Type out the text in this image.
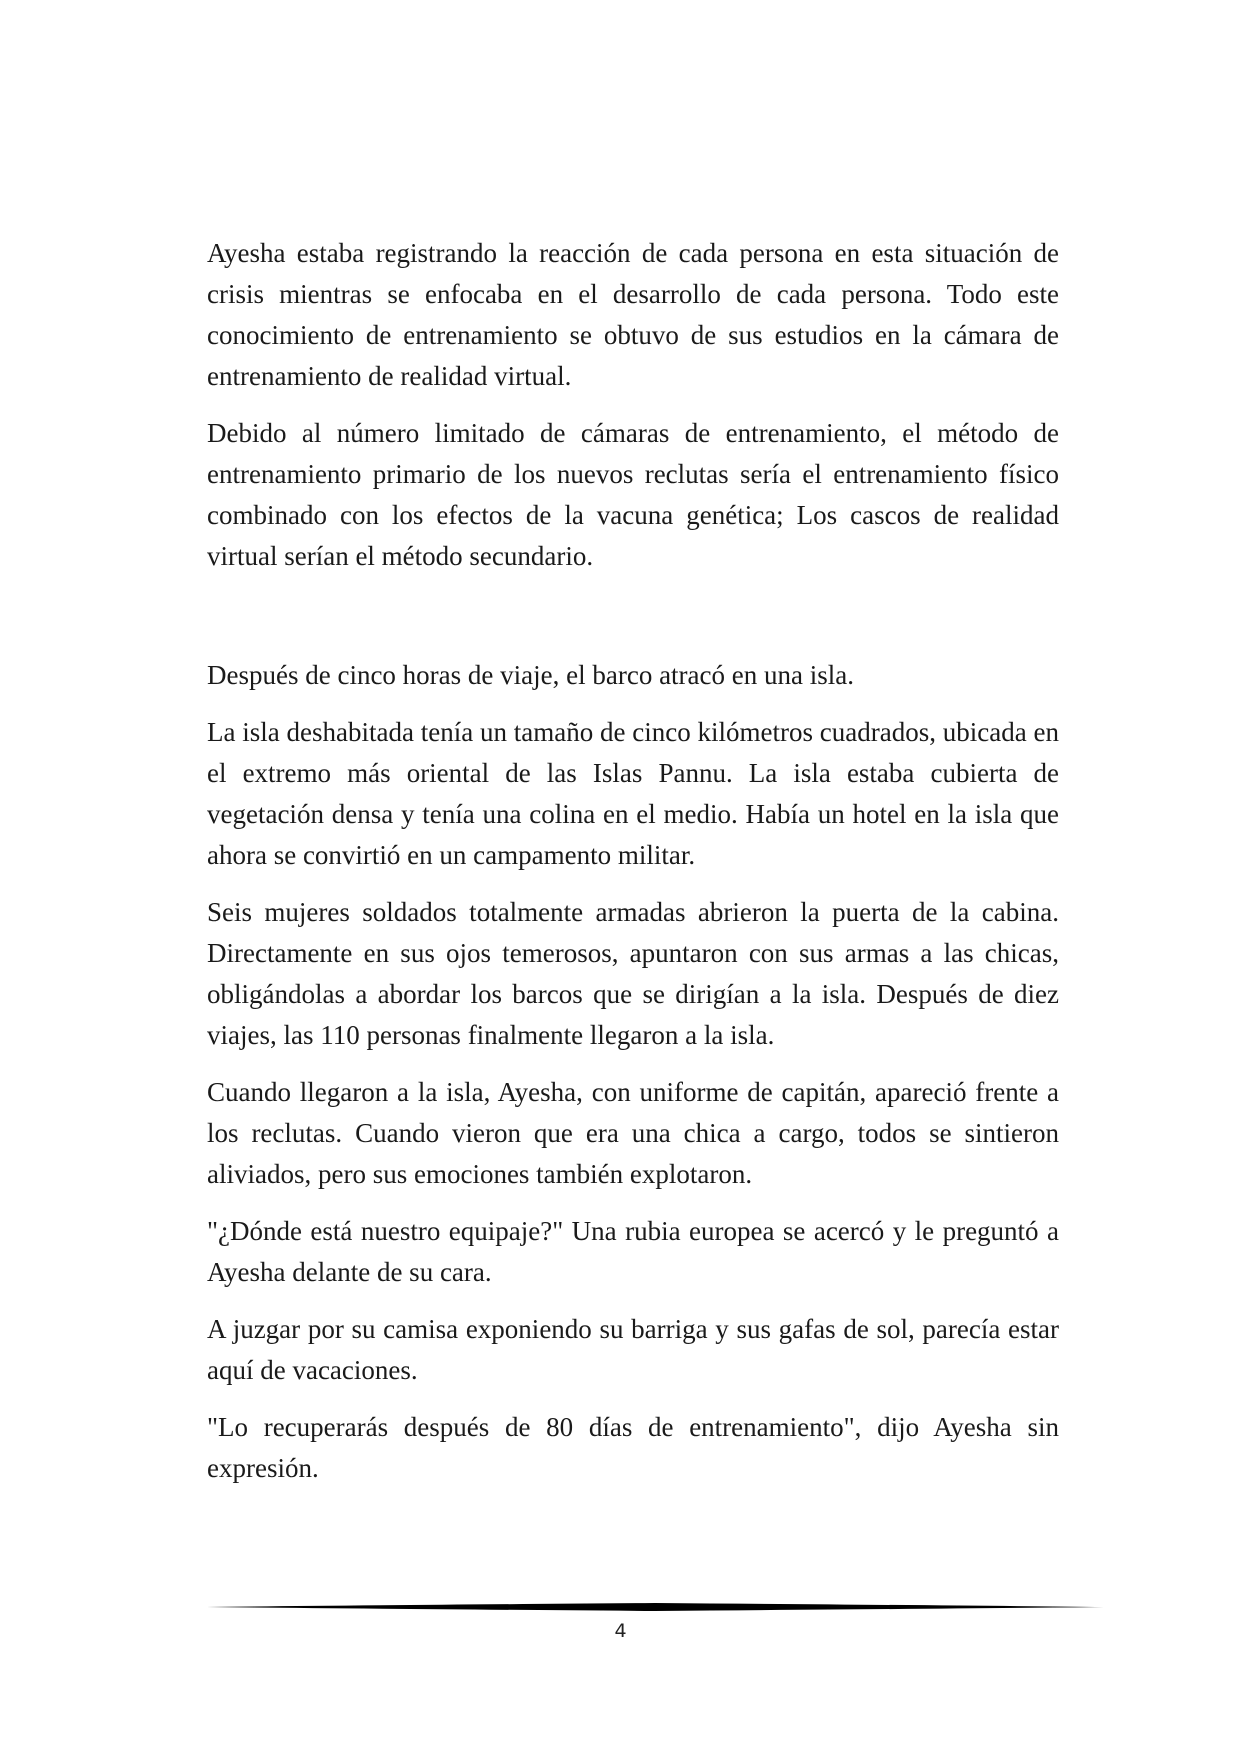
Ayesha estaba registrando la reacción de cada persona en esta situación de crisis mientras se enfocaba en el desarrollo de cada persona. Todo este conocimiento de entrenamiento se obtuvo de sus estudios en la cámara de entrenamiento de realidad virtual.

Debido al número limitado de cámaras de entrenamiento, el método de entrenamiento primario de los nuevos reclutas sería el entrenamiento físico combinado con los efectos de la vacuna genética; Los cascos de realidad virtual serían el método secundario.

Después de cinco horas de viaje, el barco atracó en una isla.

La isla deshabitada tenía un tamaño de cinco kilómetros cuadrados, ubicada en el extremo más oriental de las Islas Pannu. La isla estaba cubierta de vegetación densa y tenía una colina en el medio. Había un hotel en la isla que ahora se convirtió en un campamento militar.

Seis mujeres soldados totalmente armadas abrieron la puerta de la cabina. Directamente en sus ojos temerosos, apuntaron con sus armas a las chicas, obligándolas a abordar los barcos que se dirigían a la isla. Después de diez viajes, las 110 personas finalmente llegaron a la isla.

Cuando llegaron a la isla, Ayesha, con uniforme de capitán, apareció frente a los reclutas. Cuando vieron que era una chica a cargo, todos se sintieron aliviados, pero sus emociones también explotaron.

"¿Dónde está nuestro equipaje?" Una rubia europea se acercó y le preguntó a Ayesha delante de su cara.

A juzgar por su camisa exponiendo su barriga y sus gafas de sol, parecía estar aquí de vacaciones.

"Lo recuperarás después de 80 días de entrenamiento", dijo Ayesha sin expresión.

4
